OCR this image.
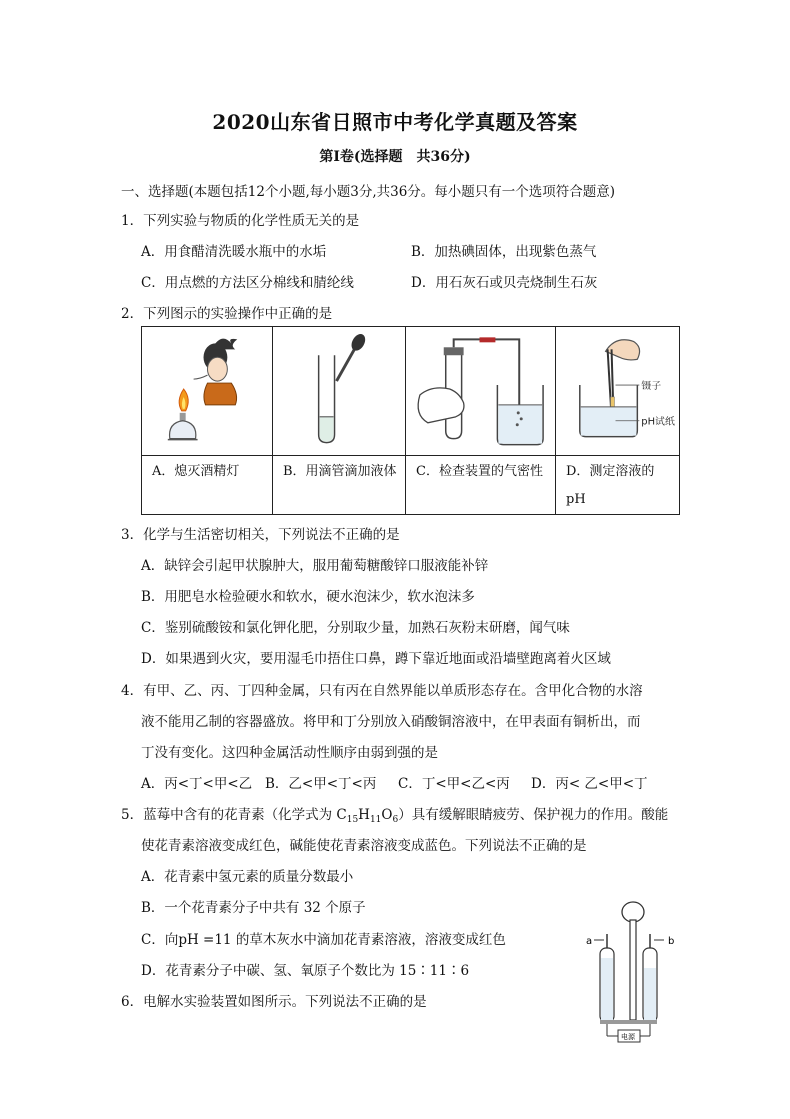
2020山东省日照市中考化学真题及答案
第Ⅰ卷(选择题　共36分)
一、选择题(本题包括12个小题,每小题3分,共36分。每小题只有一个选项符合题意)
1．下列实验与物质的化学性质无关的是
A．用食醋清洗暖水瓶中的水垢	B．加热碘固体，出现紫色蒸气
C．用点燃的方法区分棉线和腈纶线	D．用石灰石或贝壳烧制生石灰
2．下列图示的实验操作中正确的是

镊子
pH试纸

A．熄灭酒精灯	B．用滴管滴加液体	C．检查装置的气密性	D．测定溶液的pH
3．化学与生活密切相关，下列说法不正确的是
A．缺锌会引起甲状腺肿大，服用葡萄糖酸锌口服液能补锌
B．用肥皂水检验硬水和软水，硬水泡沫少，软水泡沫多
C．鉴别硫酸铵和氯化钾化肥，分别取少量，加熟石灰粉末研磨，闻气味
D．如果遇到火灾，要用湿毛巾捂住口鼻，蹲下靠近地面或沿墙壁跑离着火区域
4．有甲、乙、丙、丁四种金属，只有丙在自然界能以单质形态存在。含甲化合物的水溶
液不能用乙制的容器盛放。将甲和丁分别放入硝酸铜溶液中，在甲表面有铜析出，而
丁没有变化。这四种金属活动性顺序由弱到强的是
A．丙<丁<甲<乙 B．乙<甲<丁<丙 C．丁<甲<乙<丙 D．丙< 乙<甲<丁
5．蓝莓中含有的花青素（化学式为 $C_{15}H_{11}O_6$）具有缓解眼睛疲劳、保护视力的作用。酸能
使花青素溶液变成红色，碱能使花青素溶液变成蓝色。下列说法不正确的是
A．花青素中氢元素的质量分数最小
B．一个花青素分子中共有 32 个原子
C．向pH =11 的草木灰水中滴加花青素溶液，溶液变成红色
D．花青素分子中碳、氢、氧原子个数比为 15∶11∶6
6．电解水实验装置如图所示。下列说法不正确的是
a	b
电源
